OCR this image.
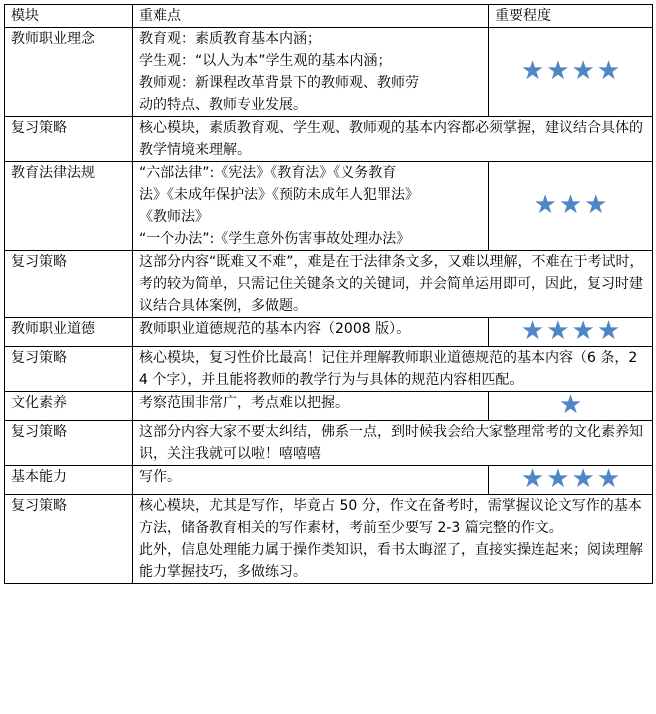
模块	重难点	重要程度
教师职业理念	教育观：素质教育基本内涵；
学生观：“以人为本”学生观的基本内涵；
教师观：新课程改革背景下的教师观、教师劳
动的特点、教师专业发展。	★★★★
复习策略	核心模块，素质教育观、学生观、教师观的基本内容都必须掌握，建议结合具体的教学情境来理解。	

教育法律法规	“六部法律”:《宪法》《教育法》《义务教育
法》《未成年保护法》《预防未成年人犯罪法》
《教师法》
“一个办法”:《学生意外伤害事故处理办法》	★★★
复习策略	这部分内容“既难又不难”，难是在于法律条文多，又难以理解，不难在于考试时，考的较为简单，只需记住关键条文的关键词，并会简单运用即可，因此，复习时建议结合具体案例，多做题。	

教师职业道德	教师职业道德规范的基本内容（2008 版）。	★★★★
复习策略	核心模块，复习性价比最高！记住并理解教师职业道德规范的基本内容（6 条，24 个字），并且能将教师的教学行为与具体的规范内容相匹配。	

文化素养	考察范围非常广，考点难以把握。	★
复习策略	这部分内容大家不要太纠结，佛系一点，到时候我会给大家整理常考的文化素养知识，关注我就可以啦！嘻嘻嘻	

基本能力	写作。	★★★★
复习策略	核心模块，尤其是写作，毕竟占 50 分，作文在备考时，需掌握议论文写作的基本方法，储备教育相关的写作素材，考前至少要写 2-3 篇完整的作文。
此外，信息处理能力属于操作类知识，看书太晦涩了，直接实操连起来；阅读理解能力掌握技巧，多做练习。	
